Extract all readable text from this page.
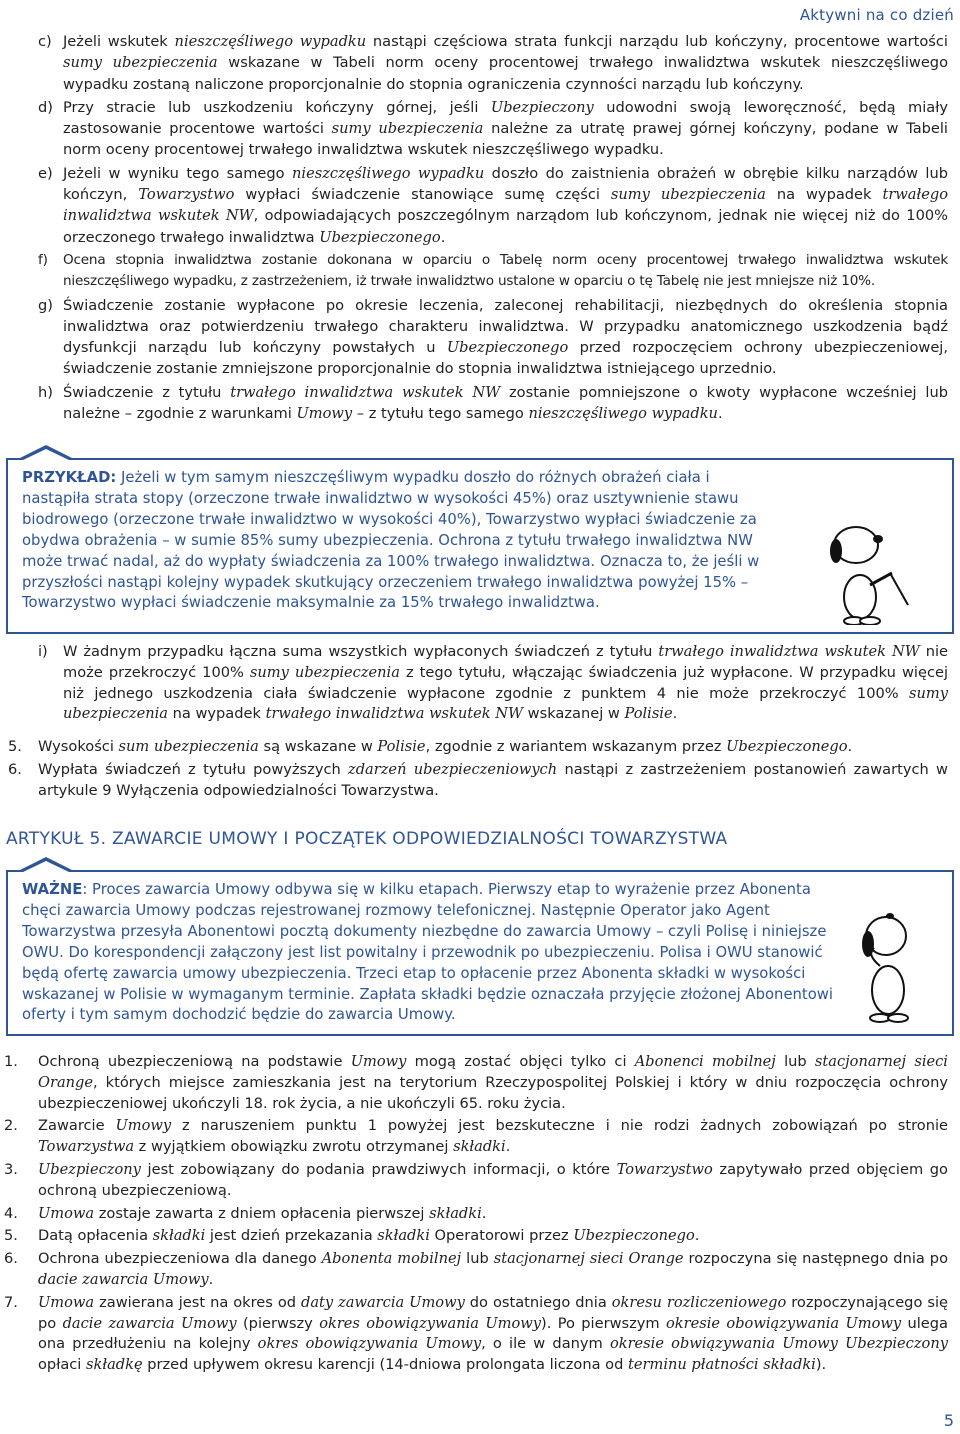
Aktywni na co dzień
c) Jeżeli wskutek nieszczęśliwego wypadku nastąpi częściowa strata funkcji narządu lub kończyny, procentowe wartości sumy ubezpieczenia wskazane w Tabeli norm oceny procentowej trwałego inwalidztwa wskutek nieszczęśliwego wypadku zostaną naliczone proporcjonalnie do stopnia ograniczenia czynności narządu lub kończyny.
d) Przy stracie lub uszkodzeniu kończyny górnej, jeśli Ubezpieczony udowodni swoją leworęczność, będą miały zastosowanie procentowe wartości sumy ubezpieczenia należne za utratę prawej górnej kończyny, podane w Tabeli norm oceny procentowej trwałego inwalidztwa wskutek nieszczęśliwego wypadku.
e) Jeżeli w wyniku tego samego nieszczęśliwego wypadku doszło do zaistnienia obrażeń w obrębie kilku narządów lub kończyn, Towarzystwo wypłaci świadczenie stanowiące sumę części sumy ubezpieczenia na wypadek trwałego inwalidztwa wskutek NW, odpowiadających poszczególnym narządom lub kończynom, jednak nie więcej niż do 100% orzeczonego trwałego inwalidztwa Ubezpieczonego.
f) Ocena stopnia inwalidztwa zostanie dokonana w oparciu o Tabelę norm oceny procentowej trwałego inwalidztwa wskutek nieszczęśliwego wypadku, z zastrzeżeniem, iż trwałe inwalidztwo ustalone w oparciu o tę Tabelę nie jest mniejsze niż 10%.
g) Świadczenie zostanie wypłacone po okresie leczenia, zaleconej rehabilitacji, niezbędnych do określenia stopnia inwalidztwa oraz potwierdzeniu trwałego charakteru inwalidztwa. W przypadku anatomicznego uszkodzenia bądź dysfunkcji narządu lub kończyny powstałych u Ubezpieczonego przed rozpoczęciem ochrony ubezpieczeniowej, świadczenie zostanie zmniejszone proporcjonalnie do stopnia inwalidztwa istniejącego uprzednio.
h) Świadczenie z tytułu trwałego inwalidztwa wskutek NW zostanie pomniejszone o kwoty wypłacone wcześniej lub należne – zgodnie z warunkami Umowy – z tytułu tego samego nieszczęśliwego wypadku.
PRZYKŁAD: Jeżeli w tym samym nieszczęśliwym wypadku doszło do różnych obrażeń ciała i nastąpiła strata stopy (orzeczone trwałe inwalidztwo w wysokości 45%) oraz usztywnienie stawu biodrowego (orzeczone trwałe inwalidztwo w wysokości 40%), Towarzystwo wypłaci świadczenie za obydwa obrażenia – w sumie 85% sumy ubezpieczenia. Ochrona z tytułu trwałego inwalidztwa NW może trwać nadal, aż do wypłaty świadczenia za 100% trwałego inwalidztwa. Oznacza to, że jeśli w przyszłości nastąpi kolejny wypadek skutkujący orzeczeniem trwałego inwalidztwa powyżej 15% – Towarzystwo wypłaci świadczenie maksymalnie za 15% trwałego inwalidztwa.
i) W żadnym przypadku łączna suma wszystkich wypłaconych świadczeń z tytułu trwałego inwalidztwa wskutek NW nie może przekroczyć 100% sumy ubezpieczenia z tego tytułu, włączając świadczenia już wypłacone. W przypadku więcej niż jednego uszkodzenia ciała świadczenie wypłacone zgodnie z punktem 4 nie może przekroczyć 100% sumy ubezpieczenia na wypadek trwałego inwalidztwa wskutek NW wskazanej w Polisie.
5. Wysokości sum ubezpieczenia są wskazane w Polisie, zgodnie z wariantem wskazanym przez Ubezpieczonego.
6. Wypłata świadczeń z tytułu powyższych zdarzeń ubezpieczeniowych nastąpi z zastrzeżeniem postanowień zawartych w artykule 9 Wyłączenia odpowiedzialności Towarzystwa.
ARTYKUŁ 5. ZAWARCIE UMOWY I POCZĄTEK ODPOWIEDZIALNOŚCI TOWARZYSTWA
WAŻNE: Proces zawarcia Umowy odbywa się w kilku etapach. Pierwszy etap to wyrażenie przez Abonenta chęci zawarcia Umowy podczas rejestrowanej rozmowy telefonicznej. Następnie Operator jako Agent Towarzystwa przesyła Abonentowi pocztą dokumenty niezbędne do zawarcia Umowy – czyli Polisę i niniejsze OWU. Do korespondencji załączony jest list powitalny i przewodnik po ubezpieczeniu. Polisa i OWU stanowić będą ofertę zawarcia umowy ubezpieczenia. Trzeci etap to opłacenie przez Abonenta składki w wysokości wskazanej w Polisie w wymaganym terminie. Zapłata składki będzie oznaczała przyjęcie złożonej Abonentowi oferty i tym samym dochodzić będzie do zawarcia Umowy.
1. Ochroną ubezpieczeniową na podstawie Umowy mogą zostać objęci tylko ci Abonenci mobilnej lub stacjonarnej sieci Orange, których miejsce zamieszkania jest na terytorium Rzeczypospolitej Polskiej i który w dniu rozpoczęcia ochrony ubezpieczeniowej ukończyli 18. rok życia, a nie ukończyli 65. roku życia.
2. Zawarcie Umowy z naruszeniem punktu 1 powyżej jest bezskuteczne i nie rodzi żadnych zobowiązań po stronie Towarzystwa z wyjątkiem obowiązku zwrotu otrzymanej składki.
3. Ubezpieczony jest zobowiązany do podania prawdziwych informacji, o które Towarzystwo zapytywało przed objęciem go ochroną ubezpieczeniową.
4. Umowa zostaje zawarta z dniem opłacenia pierwszej składki.
5. Datą opłacenia składki jest dzień przekazania składki Operatorowi przez Ubezpieczonego.
6. Ochrona ubezpieczeniowa dla danego Abonenta mobilnej lub stacjonarnej sieci Orange rozpoczyna się następnego dnia po dacie zawarcia Umowy.
7. Umowa zawierana jest na okres od daty zawarcia Umowy do ostatniego dnia okresu rozliczeniowego rozpoczynającego się po dacie zawarcia Umowy (pierwszy okres obowiązywania Umowy). Po pierwszym okresie obowiązywania Umowy ulega ona przedłużeniu na kolejny okres obowiązywania Umowy, o ile w danym okresie obwiązywania Umowy Ubezpieczony opłaci składkę przed upływem okresu karencji (14-dniowa prolongata liczona od terminu płatności składki).
5
